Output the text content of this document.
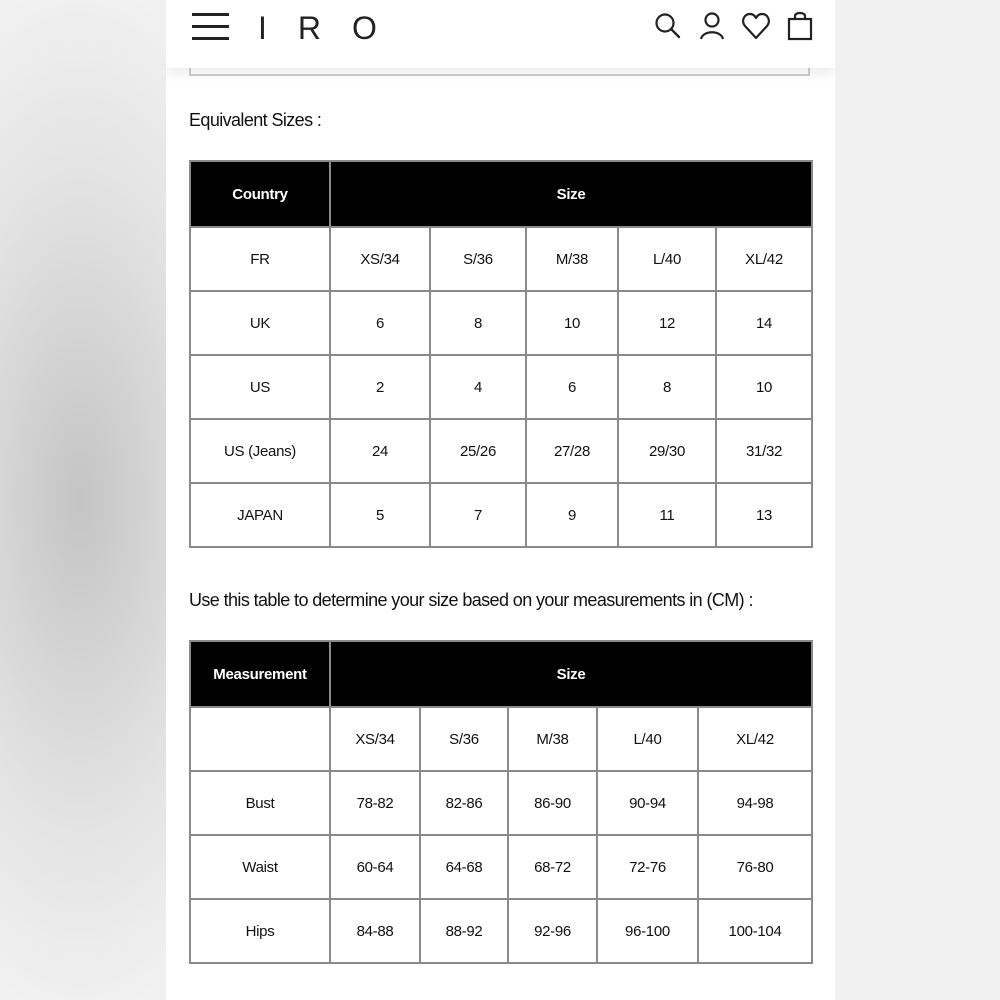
IRO
Equivalent Sizes :
Country	Size				
FR	XS/34	S/36	M/38	L/40	XL/42
UK	6	8	10	12	14
US	2	4	6	8	10
US (Jeans)	24	25/26	27/28	29/30	31/32
JAPAN	5	7	9	11	13
Use this table to determine your size based on your measurements in (CM) :
Measurement	Size				
	XS/34	S/36	M/38	L/40	XL/42
Bust	78-82	82-86	86-90	90-94	94-98
Waist	60-64	64-68	68-72	72-76	76-80
Hips	84-88	88-92	92-96	96-100	100-104
